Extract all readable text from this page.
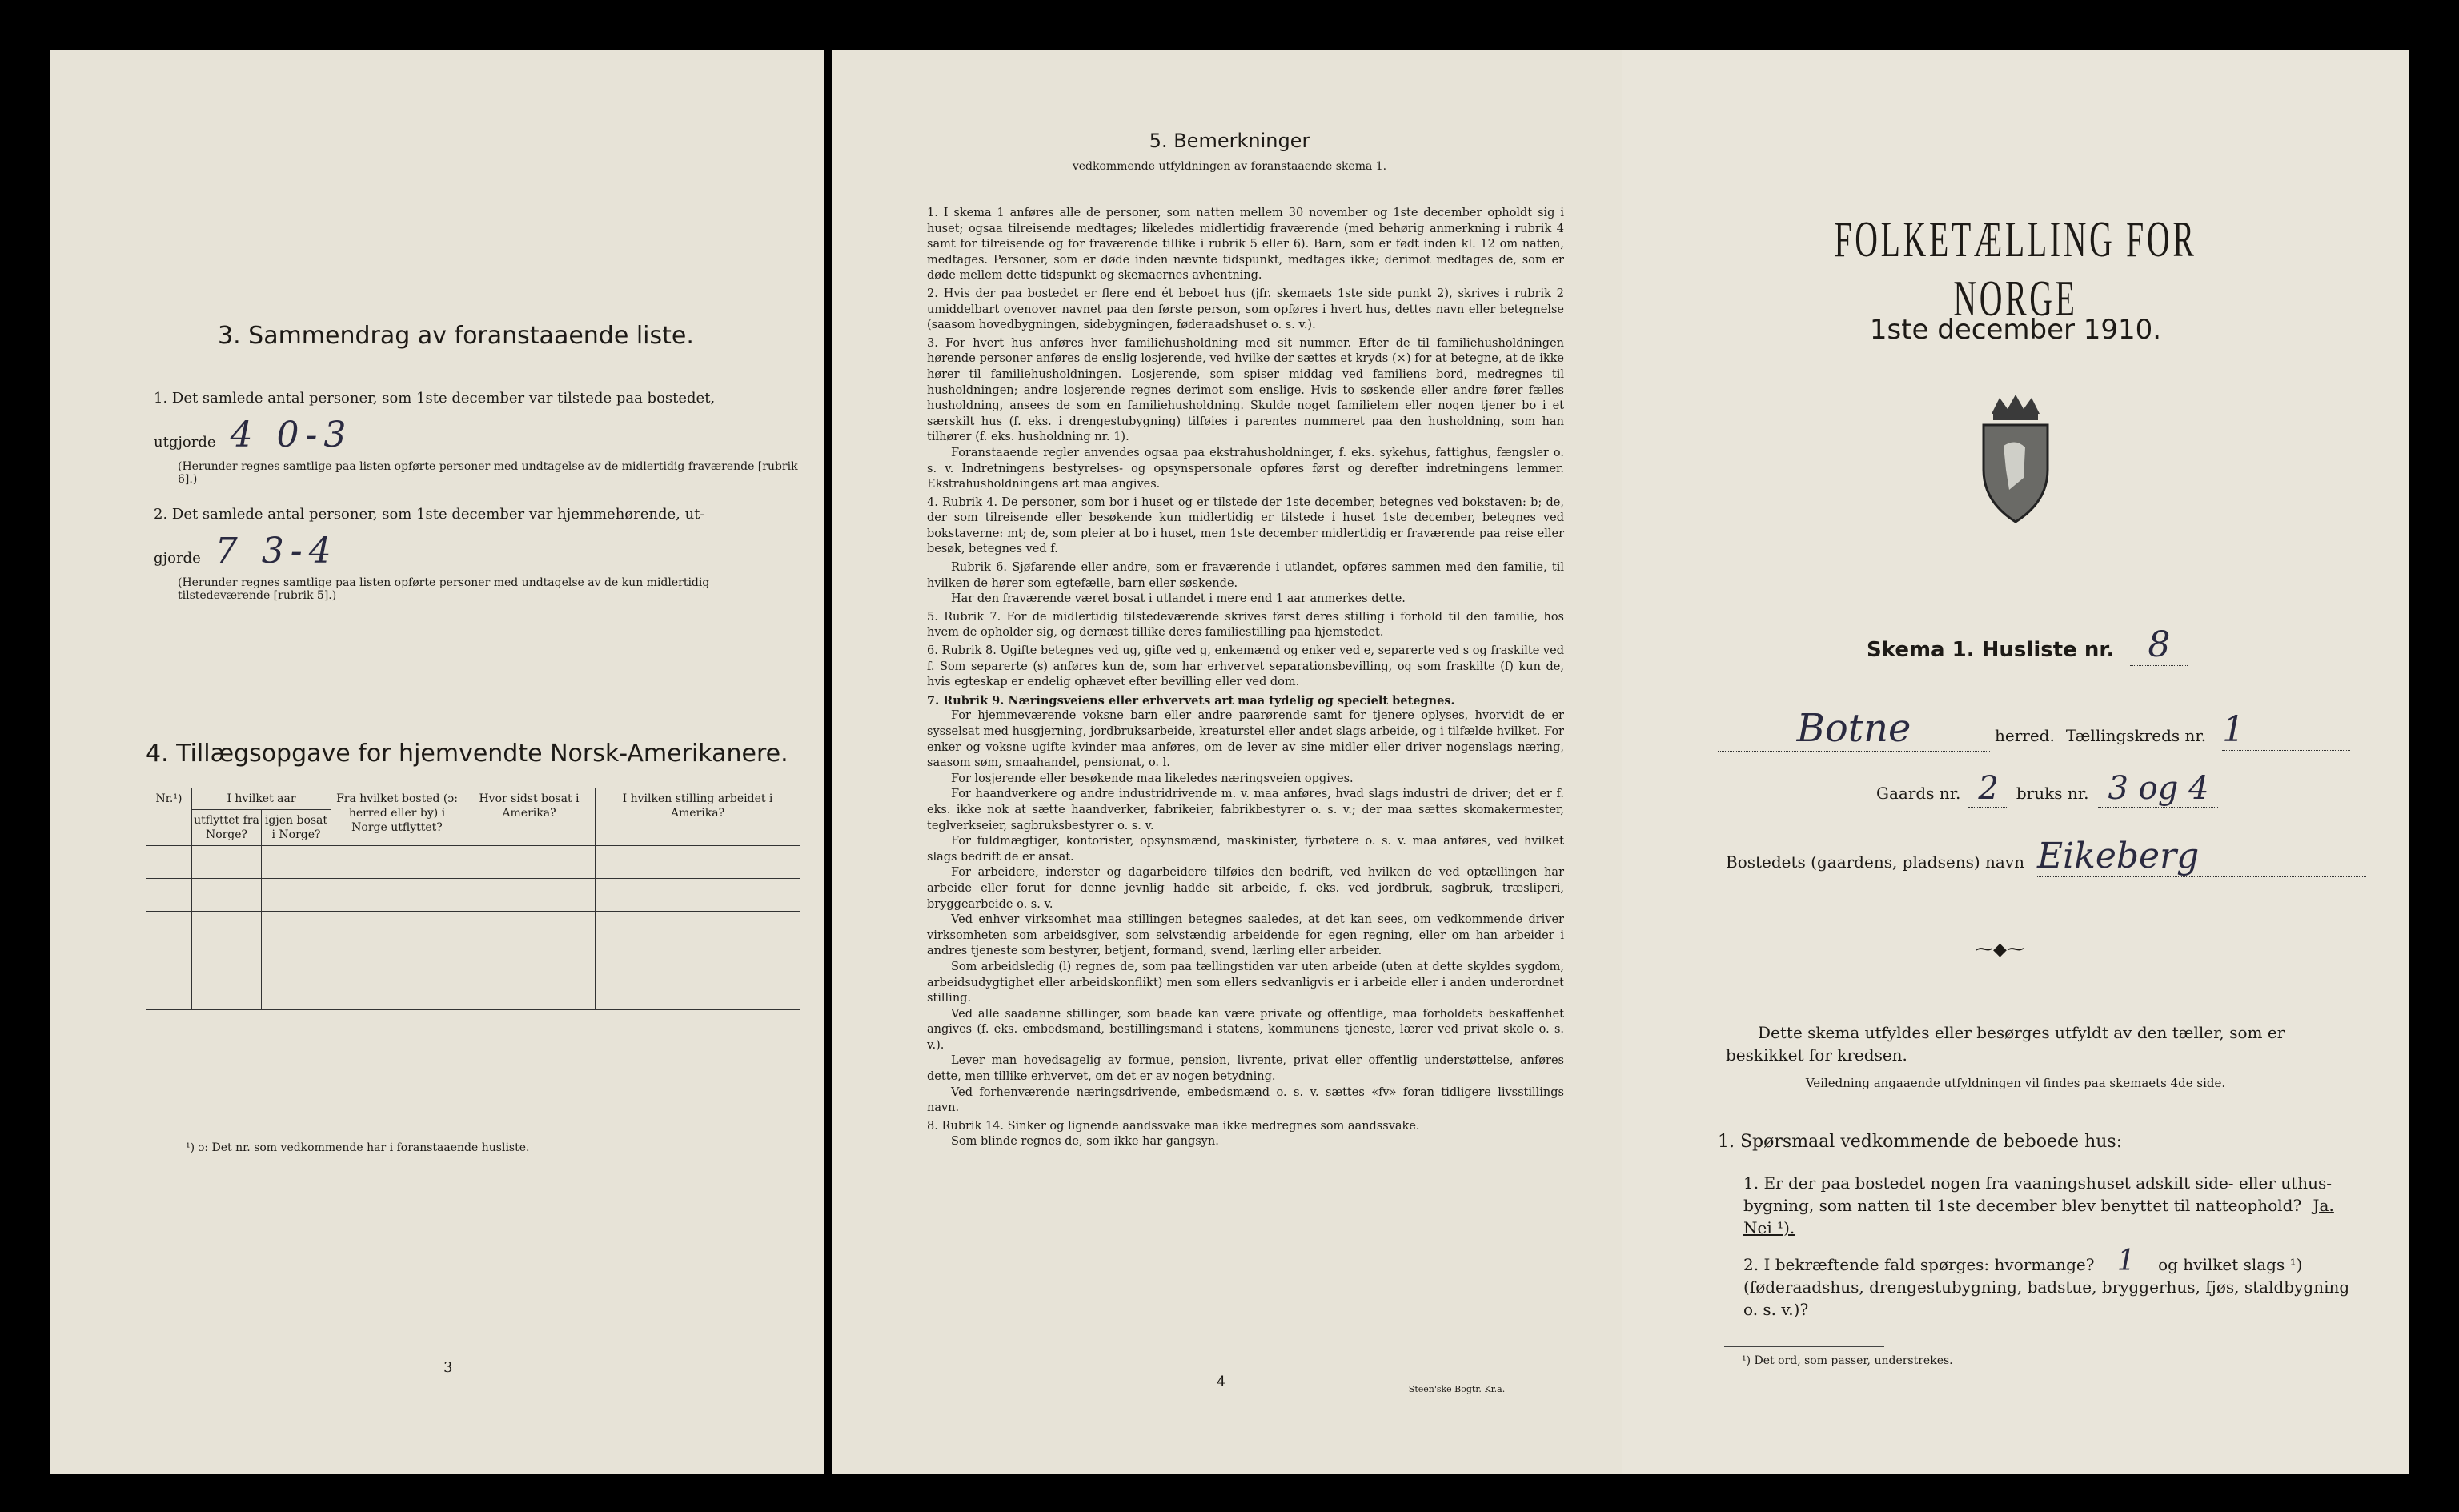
3. Sammendrag av foranstaaende liste.
1. Det samlede antal personer, som 1ste december var tilstede paa bostedet,
utgjorde 4 0-3
(Herunder regnes samtlige paa listen opførte personer med undtagelse av de midlertidig fraværende [rubrik 6].)
2. Det samlede antal personer, som 1ste december var hjemmehørende, ut-
gjorde 7 3-4
(Herunder regnes samtlige paa listen opførte personer med undtagelse av de kun midlertidig tilstedeværende [rubrik 5].)
4. Tillægsopgave for hjemvendte Norsk-Amerikanere.
Nr.¹)	I hvilket aar		Fra hvilket bosted (ɔ: herred eller by) i Norge utflyttet?	Hvor sidst bosat i Amerika?	I hvilken stilling arbeidet i Amerika?
	utflyttet fra Norge?	igjen bosat i Norge?			

¹) ɔ: Det nr. som vedkommende har i foranstaaende husliste.
3
5. Bemerkninger
vedkommende utfyldningen av foranstaaende skema 1.

1. I skema 1 anføres alle de personer, som natten mellem 30 november og 1ste december opholdt sig i huset; ogsaa tilreisende medtages; likeledes midlertidig fraværende (med behørig anmerkning i rubrik 4 samt for tilreisende og for fraværende tillike i rubrik 5 eller 6). Barn, som er født inden kl. 12 om natten, medtages. Personer, som er døde inden nævnte tidspunkt, medtages ikke; derimot medtages de, som er døde mellem dette tidspunkt og skemaernes avhentning.

2. Hvis der paa bostedet er flere end ét beboet hus (jfr. skemaets 1ste side punkt 2), skrives i rubrik 2 umiddelbart ovenover navnet paa den første person, som opføres i hvert hus, dettes navn eller betegnelse (saasom hovedbygningen, sidebygningen, føderaadshuset o. s. v.).

3. For hvert hus anføres hver familiehusholdning med sit nummer. Efter de til familiehusholdningen hørende personer anføres de enslig losjerende, ved hvilke der sættes et kryds (×) for at betegne, at de ikke hører til familiehusholdningen. Losjerende, som spiser middag ved familiens bord, medregnes til husholdningen; andre losjerende regnes derimot som enslige. Hvis to søskende eller andre fører fælles husholdning, ansees de som en familiehusholdning. Skulde noget familielem eller nogen tjener bo i et særskilt hus (f. eks. i drengestubygning) tilføies i parentes nummeret paa den husholdning, som han tilhører (f. eks. husholdning nr. 1).

Foranstaaende regler anvendes ogsaa paa ekstrahusholdninger, f. eks. sykehus, fattighus, fængsler o. s. v. Indretningens bestyrelses- og opsynspersonale opføres først og derefter indretningens lemmer. Ekstrahusholdningens art maa angives.

4. Rubrik 4. De personer, som bor i huset og er tilstede der 1ste december, betegnes ved bokstaven: b; de, der som tilreisende eller besøkende kun midlertidig er tilstede i huset 1ste december, betegnes ved bokstaverne: mt; de, som pleier at bo i huset, men 1ste december midlertidig er fraværende paa reise eller besøk, betegnes ved f.

Rubrik 6. Sjøfarende eller andre, som er fraværende i utlandet, opføres sammen med den familie, til hvilken de hører som egtefælle, barn eller søskende.

Har den fraværende været bosat i utlandet i mere end 1 aar anmerkes dette.

5. Rubrik 7. For de midlertidig tilstedeværende skrives først deres stilling i forhold til den familie, hos hvem de opholder sig, og dernæst tillike deres familiestilling paa hjemstedet.

6. Rubrik 8. Ugifte betegnes ved ug, gifte ved g, enkemænd og enker ved e, separerte ved s og fraskilte ved f. Som separerte (s) anføres kun de, som har erhvervet separationsbevilling, og som fraskilte (f) kun de, hvis egteskap er endelig ophævet efter bevilling eller ved dom.

7. Rubrik 9. Næringsveiens eller erhvervets art maa tydelig og specielt betegnes.

For hjemmeværende voksne barn eller andre paarørende samt for tjenere oplyses, hvorvidt de er sysselsat med husgjerning, jordbruksarbeide, kreaturstel eller andet slags arbeide, og i tilfælde hvilket. For enker og voksne ugifte kvinder maa anføres, om de lever av sine midler eller driver nogenslags næring, saasom søm, smaahandel, pensionat, o. l.

For losjerende eller besøkende maa likeledes næringsveien opgives.

For haandverkere og andre industridrivende m. v. maa anføres, hvad slags industri de driver; det er f. eks. ikke nok at sætte haandverker, fabrikeier, fabrikbestyrer o. s. v.; der maa sættes skomakermester, teglverkseier, sagbruksbestyrer o. s. v.

For fuldmægtiger, kontorister, opsynsmænd, maskinister, fyrbøtere o. s. v. maa anføres, ved hvilket slags bedrift de er ansat.

For arbeidere, inderster og dagarbeidere tilføies den bedrift, ved hvilken de ved optællingen har arbeide eller forut for denne jevnlig hadde sit arbeide, f. eks. ved jordbruk, sagbruk, træsliperi, bryggearbeide o. s. v.

Ved enhver virksomhet maa stillingen betegnes saaledes, at det kan sees, om vedkommende driver virksomheten som arbeidsgiver, som selvstændig arbeidende for egen regning, eller om han arbeider i andres tjeneste som bestyrer, betjent, formand, svend, lærling eller arbeider.

Som arbeidsledig (l) regnes de, som paa tællingstiden var uten arbeide (uten at dette skyldes sygdom, arbeidsudygtighet eller arbeidskonflikt) men som ellers sedvanligvis er i arbeide eller i anden underordnet stilling.

Ved alle saadanne stillinger, som baade kan være private og offentlige, maa forholdets beskaffenhet angives (f. eks. embedsmand, bestillingsmand i statens, kommunens tjeneste, lærer ved privat skole o. s. v.).

Lever man hovedsagelig av formue, pension, livrente, privat eller offentlig understøttelse, anføres dette, men tillike erhvervet, om det er av nogen betydning.

Ved forhenværende næringsdrivende, embedsmænd o. s. v. sættes «fv» foran tidligere livsstillings navn.

8. Rubrik 14. Sinker og lignende aandssvake maa ikke medregnes som aandssvake.

Som blinde regnes de, som ikke har gangsyn.

4	Steen'ske Bogtr. Kr.a.
FOLKETÆLLING FOR NORGE
1ste december 1910.
Skema 1. Husliste nr. 8
Botne	herred. Tællingskreds nr. 1
Gaards nr. 2	bruks nr. 3 og 4
Bostedets (gaardens, pladsens) navn Eikeberg
⁓◆⁓
Dette skema utfyldes eller besørges utfyldt av den tæller, som er beskikket for kredsen.
Veiledning angaaende utfyldningen vil findes paa skemaets 4de side.
1. Spørsmaal vedkommende de beboede hus:
1. Er der paa bostedet nogen fra vaaningshuset adskilt side- eller uthus-bygning, som natten til 1ste december blev benyttet til natteophold? Ja. Nei ¹).
2. I bekræftende fald spørges: hvormange? 1 og hvilket slags ¹) (føderaadshus, drengestubygning, badstue, bryggerhus, fjøs, staldbygning o. s. v.)?
¹) Det ord, som passer, understrekes.
